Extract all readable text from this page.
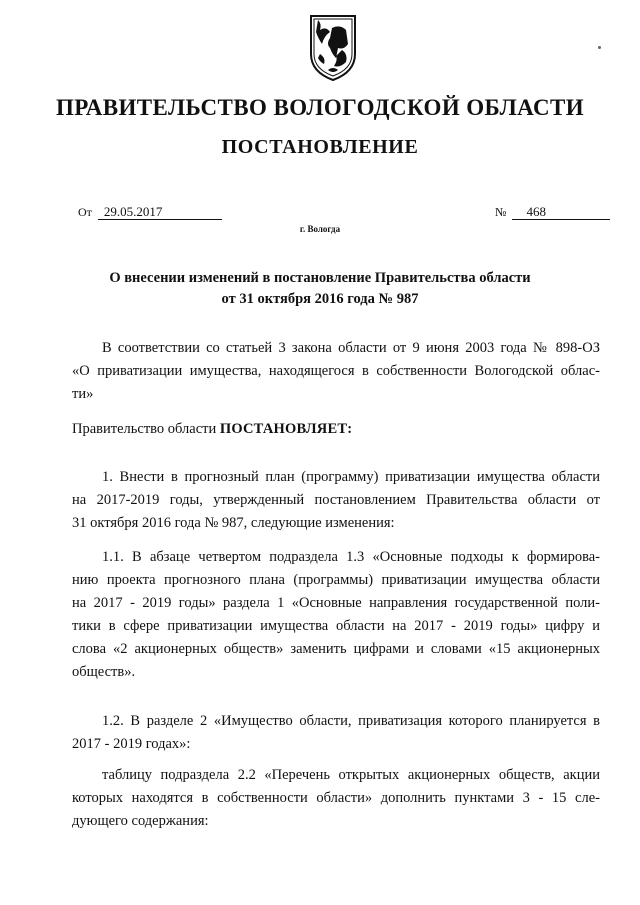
ПРАВИТЕЛЬСТВО ВОЛОГОДСКОЙ ОБЛАСТИ
ПОСТАНОВЛЕНИЕ
От 29.05.2017	№	468
г. Вологда
О внесении изменений в постановление Правительства области
от 31 октября 2016 года № 987
В соответствии со статьей 3 закона области от 9 июня 2003 года № 898-ОЗ
«О приватизации имущества, находящегося в собственности Вологодской облас-
ти»
Правительство области ПОСТАНОВЛЯЕТ:
1. Внести в прогнозный план (программу) приватизации имущества области
на 2017-2019 годы, утвержденный постановлением Правительства области от
31 октября 2016 года № 987, следующие изменения:
1.1. В абзаце четвертом подраздела 1.3 «Основные подходы к формирова-
нию проекта прогнозного плана (программы) приватизации имущества области
на 2017 - 2019 годы» раздела 1 «Основные направления государственной поли-
тики в сфере приватизации имущества области на 2017 - 2019 годы» цифру и
слова «2 акционерных обществ» заменить цифрами и словами «15 акционерных
обществ».
1.2. В разделе 2 «Имущество области, приватизация которого планируется в
2017 - 2019 годах»:
таблицу подраздела 2.2 «Перечень открытых акционерных обществ, акции
которых находятся в собственности области» дополнить пунктами 3 - 15 сле-
дующего содержания:
